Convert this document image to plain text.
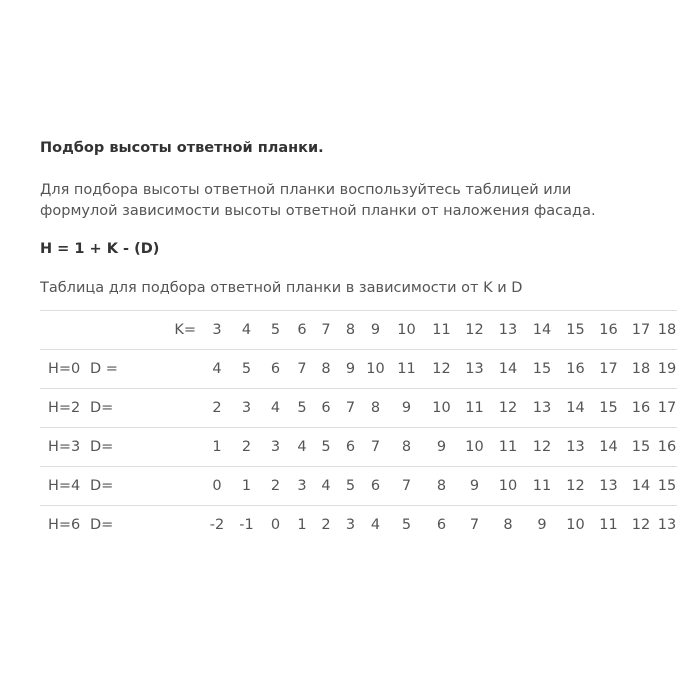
Подбор высоты ответной планки.
Для подбора высоты ответной планки воспользуйтесь таблицей или формулой зависимости высоты ответной планки от наложения фасада.
H = 1 + K - (D)
Таблица для подбора ответной планки в зависимости от K и D
		K=	3	4	5	6	7	8	9	10	11	12	13	14	15	16	17	18
H=0	D =		4	5	6	7	8	9	10	11	12	13	14	15	16	17	18	19
H=2	D=		2	3	4	5	6	7	8	9	10	11	12	13	14	15	16	17
H=3	D=		1	2	3	4	5	6	7	8	9	10	11	12	13	14	15	16
H=4	D=		0	1	2	3	4	5	6	7	8	9	10	11	12	13	14	15
H=6	D=		-2	-1	0	1	2	3	4	5	6	7	8	9	10	11	12	13
